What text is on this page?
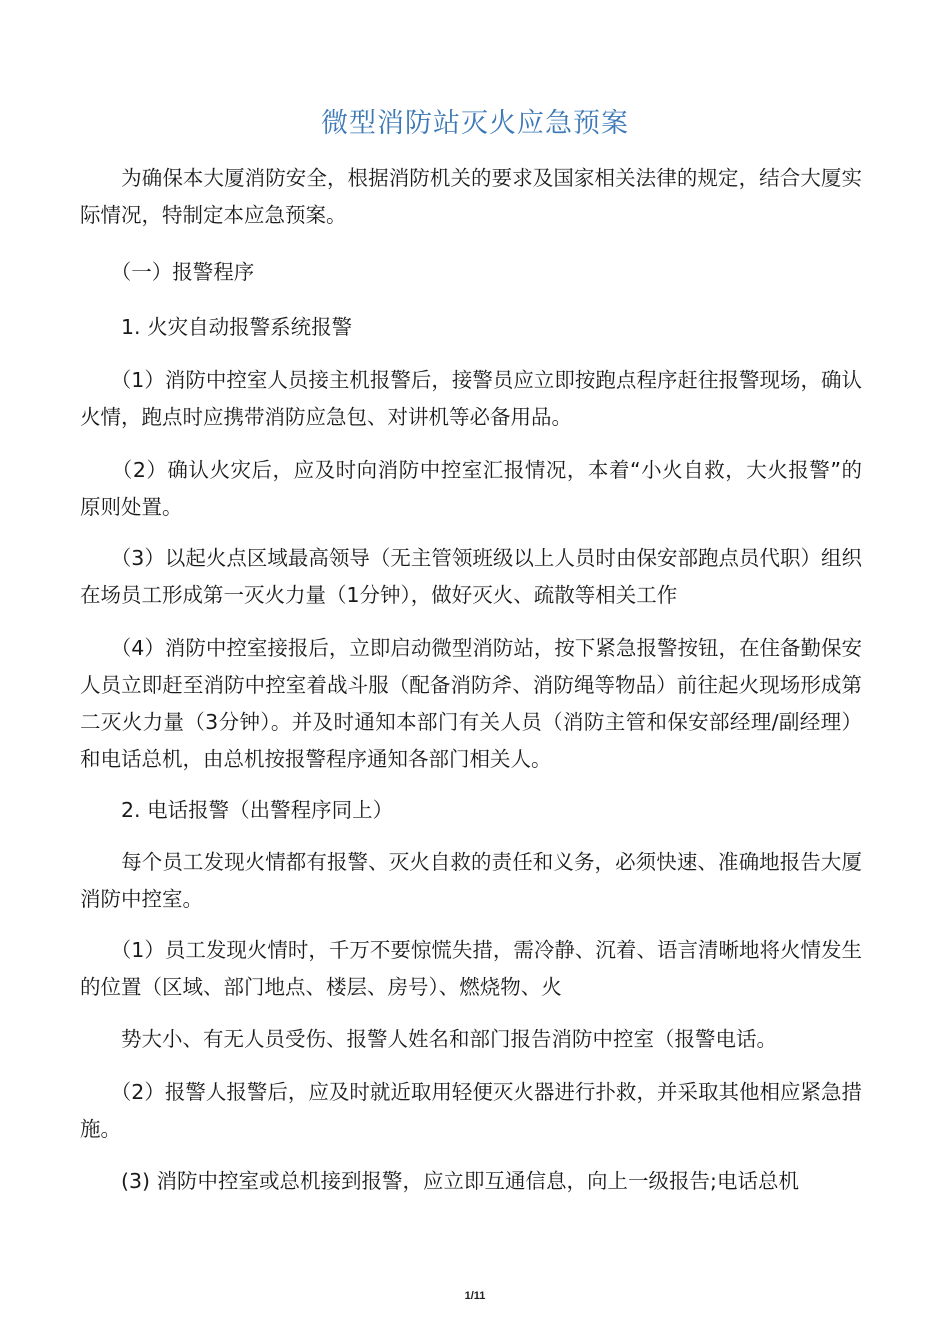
微型消防站灭火应急预案

　　为确保本大厦消防安全，根据消防机关的要求及国家相关法律的规定，结合大厦实际情况，特制定本应急预案。

　　（一）报警程序

　　1. 火灾自动报警系统报警

　　（1）消防中控室人员接主机报警后，接警员应立即按跑点程序赶往报警现场，确认火情，跑点时应携带消防应急包、对讲机等必备用品。

　　（2）确认火灾后，应及时向消防中控室汇报情况，本着“小火自救，大火报警”的原则处置。

　　（3）以起火点区域最高领导（无主管领班级以上人员时由保安部跑点员代职）组织在场员工形成第一灭火力量（1分钟），做好灭火、疏散等相关工作

　　（4）消防中控室接报后，立即启动微型消防站，按下紧急报警按钮，在住备勤保安人员立即赶至消防中控室着战斗服（配备消防斧、消防绳等物品）前往起火现场形成第二灭火力量（3分钟）。并及时通知本部门有关人员（消防主管和保安部经理/副经理）和电话总机，由总机按报警程序通知各部门相关人。

　　2. 电话报警（出警程序同上）

　　每个员工发现火情都有报警、灭火自救的责任和义务，必须快速、准确地报告大厦消防中控室。

　　（1）员工发现火情时，千万不要惊慌失措，需冷静、沉着、语言清晰地将火情发生的位置（区域、部门地点、楼层、房号）、燃烧物、火

　　势大小、有无人员受伤、报警人姓名和部门报告消防中控室（报警电话。

　　（2）报警人报警后，应及时就近取用轻便灭火器进行扑救，并采取其他相应紧急措施。

　　(3) 消防中控室或总机接到报警，应立即互通信息，向上一级报告;电话总机

1/11
